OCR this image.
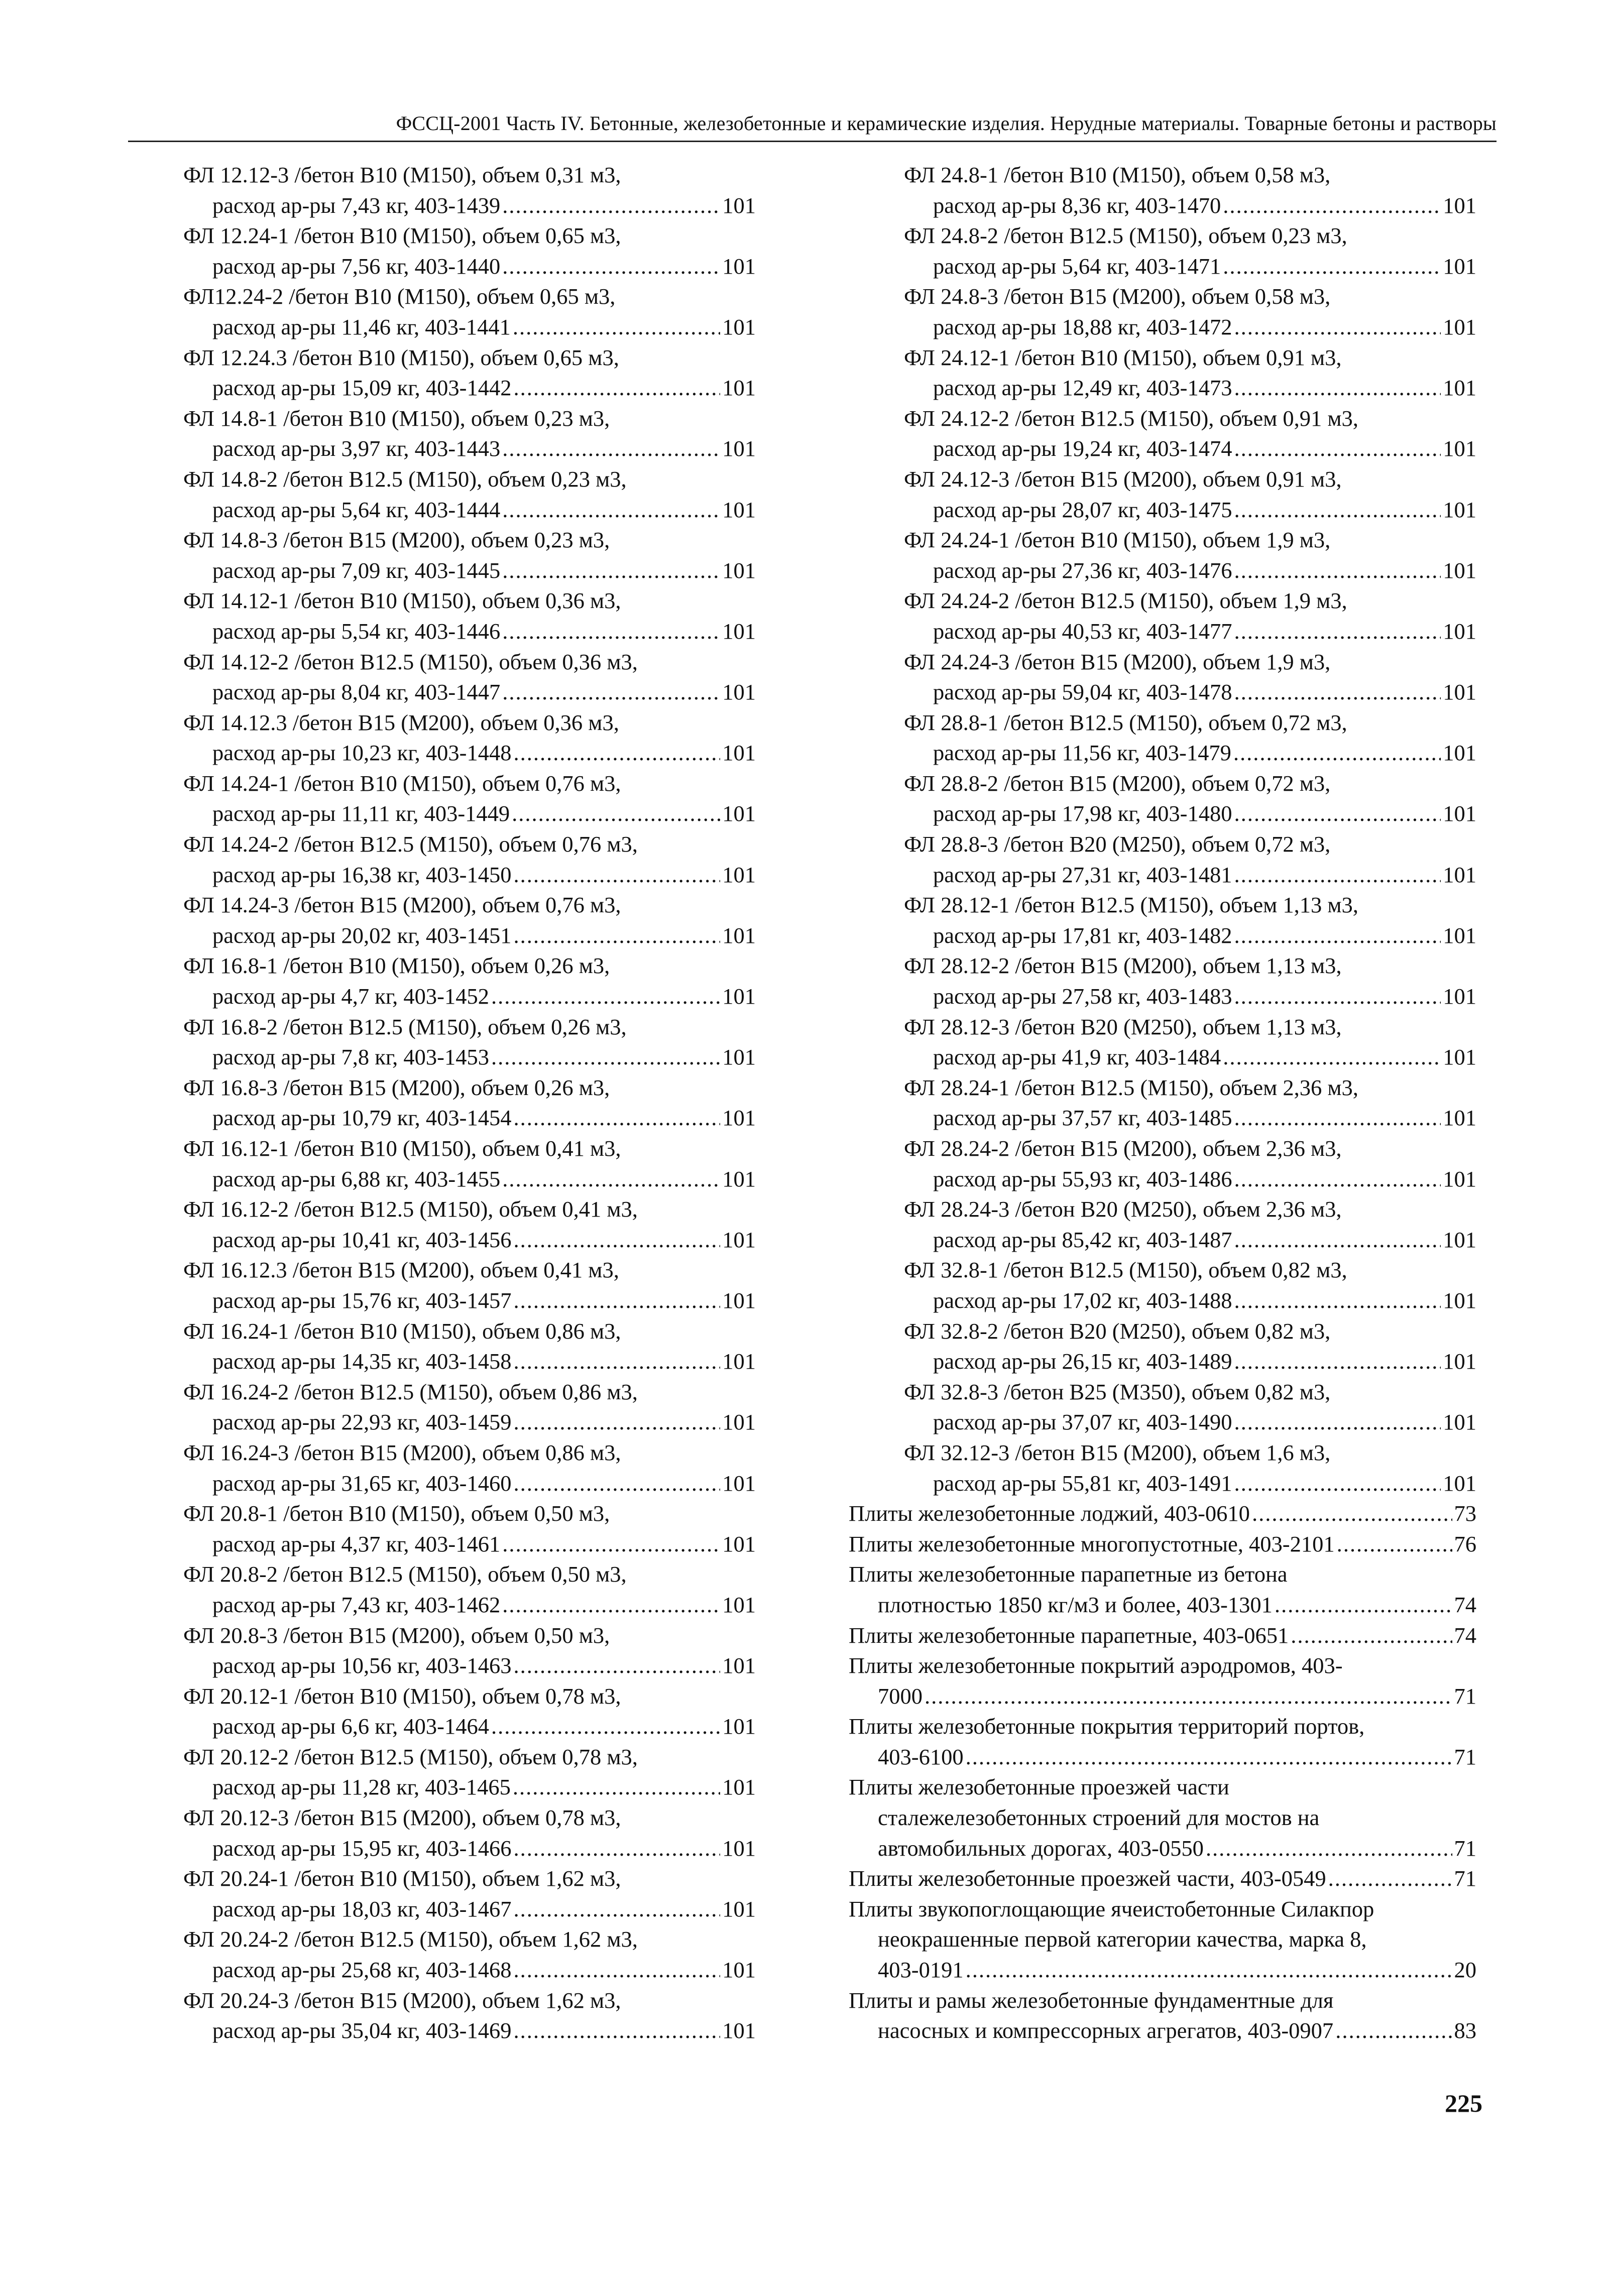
ФССЦ-2001 Часть IV. Бетонные, железобетонные и керамические изделия. Нерудные материалы. Товарные бетоны и растворы
ФЛ 12.12-3 /бетон В10 (М150), объем 0,31 м3,
расход ар-ры 7,43 кг, 403-1439 .....	101
ФЛ 12.24-1 /бетон В10 (М150), объем 0,65 м3,
расход ар-ры 7,56 кг, 403-1440 .....	101
ФЛ12.24-2 /бетон В10 (М150), объем 0,65 м3,
расход ар-ры 11,46 кг, 403-1441 .....	101
ФЛ 12.24.3 /бетон В10 (М150), объем 0,65 м3,
расход ар-ры 15,09 кг, 403-1442 .....	101
ФЛ 14.8-1 /бетон В10 (М150), объем 0,23 м3,
расход ар-ры 3,97 кг, 403-1443 .....	101
ФЛ 14.8-2 /бетон В12.5 (М150), объем 0,23 м3,
расход ар-ры 5,64 кг, 403-1444 .....	101
ФЛ 14.8-3 /бетон В15 (М200), объем 0,23 м3,
расход ар-ры 7,09 кг, 403-1445 .....	101
ФЛ 14.12-1 /бетон В10 (М150), объем 0,36 м3,
расход ар-ры 5,54 кг, 403-1446 .....	101
ФЛ 14.12-2 /бетон В12.5 (М150), объем 0,36 м3,
расход ар-ры 8,04 кг, 403-1447 .....	101
ФЛ 14.12.3 /бетон В15 (М200), объем 0,36 м3,
расход ар-ры 10,23 кг, 403-1448 .....	101
ФЛ 14.24-1 /бетон В10 (М150), объем 0,76 м3,
расход ар-ры 11,11 кг, 403-1449 .....	101
ФЛ 14.24-2 /бетон В12.5 (М150), объем 0,76 м3,
расход ар-ры 16,38 кг, 403-1450 .....	101
ФЛ 14.24-3 /бетон В15 (М200), объем 0,76 м3,
расход ар-ры 20,02 кг, 403-1451 .....	101
ФЛ 16.8-1 /бетон В10 (М150), объем 0,26 м3,
расход ар-ры 4,7 кг, 403-1452 .....	101
ФЛ 16.8-2 /бетон В12.5 (М150), объем 0,26 м3,
расход ар-ры 7,8 кг, 403-1453 .....	101
ФЛ 16.8-3 /бетон В15 (М200), объем 0,26 м3,
расход ар-ры 10,79 кг, 403-1454 .....	101
ФЛ 16.12-1 /бетон В10 (М150), объем 0,41 м3,
расход ар-ры 6,88 кг, 403-1455 .....	101
ФЛ 16.12-2 /бетон В12.5 (М150), объем 0,41 м3,
расход ар-ры 10,41 кг, 403-1456 .....	101
ФЛ 16.12.3 /бетон В15 (М200), объем 0,41 м3,
расход ар-ры 15,76 кг, 403-1457 .....	101
ФЛ 16.24-1 /бетон В10 (М150), объем 0,86 м3,
расход ар-ры 14,35 кг, 403-1458 .....	101
ФЛ 16.24-2 /бетон В12.5 (М150), объем 0,86 м3,
расход ар-ры 22,93 кг, 403-1459 .....	101
ФЛ 16.24-3 /бетон В15 (М200), объем 0,86 м3,
расход ар-ры 31,65 кг, 403-1460 .....	101
ФЛ 20.8-1 /бетон В10 (М150), объем 0,50 м3,
расход ар-ры 4,37 кг, 403-1461 .....	101
ФЛ 20.8-2 /бетон В12.5 (М150), объем 0,50 м3,
расход ар-ры 7,43 кг, 403-1462 .....	101
ФЛ 20.8-3 /бетон В15 (М200), объем 0,50 м3,
расход ар-ры 10,56 кг, 403-1463 .....	101
ФЛ 20.12-1 /бетон В10 (М150), объем 0,78 м3,
расход ар-ры 6,6 кг, 403-1464 .....	101
ФЛ 20.12-2 /бетон В12.5 (М150), объем 0,78 м3,
расход ар-ры 11,28 кг, 403-1465 .....	101
ФЛ 20.12-3 /бетон В15 (М200), объем 0,78 м3,
расход ар-ры 15,95 кг, 403-1466 .....	101
ФЛ 20.24-1 /бетон В10 (М150), объем 1,62 м3,
расход ар-ры 18,03 кг, 403-1467 .....	101
ФЛ 20.24-2 /бетон В12.5 (М150), объем 1,62 м3,
расход ар-ры 25,68 кг, 403-1468 .....	101
ФЛ 20.24-3 /бетон В15 (М200), объем 1,62 м3,
расход ар-ры 35,04 кг, 403-1469 .....	101
ФЛ 24.8-1 /бетон В10 (М150), объем 0,58 м3,
расход ар-ры 8,36 кг, 403-1470 .....	101
ФЛ 24.8-2 /бетон В12.5 (М150), объем 0,23 м3,
расход ар-ры 5,64 кг, 403-1471 .....	101
ФЛ 24.8-3 /бетон В15 (М200), объем 0,58 м3,
расход ар-ры 18,88 кг, 403-1472 .....	101
ФЛ 24.12-1 /бетон В10 (М150), объем 0,91 м3,
расход ар-ры 12,49 кг, 403-1473 .....	101
ФЛ 24.12-2 /бетон В12.5 (М150), объем 0,91 м3,
расход ар-ры 19,24 кг, 403-1474 .....	101
ФЛ 24.12-3 /бетон В15 (М200), объем 0,91 м3,
расход ар-ры 28,07 кг, 403-1475 .....	101
ФЛ 24.24-1 /бетон В10 (М150), объем 1,9 м3,
расход ар-ры 27,36 кг, 403-1476 .....	101
ФЛ 24.24-2 /бетон В12.5 (М150), объем 1,9 м3,
расход ар-ры 40,53 кг, 403-1477 .....	101
ФЛ 24.24-3 /бетон В15 (М200), объем 1,9 м3,
расход ар-ры 59,04 кг, 403-1478 .....	101
ФЛ 28.8-1 /бетон В12.5 (М150), объем 0,72 м3,
расход ар-ры 11,56 кг, 403-1479 .....	101
ФЛ 28.8-2 /бетон В15 (М200), объем 0,72 м3,
расход ар-ры 17,98 кг, 403-1480 .....	101
ФЛ 28.8-3 /бетон В20 (М250), объем 0,72 м3,
расход ар-ры 27,31 кг, 403-1481 .....	101
ФЛ 28.12-1 /бетон В12.5 (М150), объем 1,13 м3,
расход ар-ры 17,81 кг, 403-1482 .....	101
ФЛ 28.12-2 /бетон В15 (М200), объем 1,13 м3,
расход ар-ры 27,58 кг, 403-1483 .....	101
ФЛ 28.12-3 /бетон В20 (М250), объем 1,13 м3,
расход ар-ры 41,9 кг, 403-1484 .....	101
ФЛ 28.24-1 /бетон В12.5 (М150), объем 2,36 м3,
расход ар-ры 37,57 кг, 403-1485 .....	101
ФЛ 28.24-2 /бетон В15 (М200), объем 2,36 м3,
расход ар-ры 55,93 кг, 403-1486 .....	101
ФЛ 28.24-3 /бетон В20 (М250), объем 2,36 м3,
расход ар-ры 85,42 кг, 403-1487 .....	101
ФЛ 32.8-1 /бетон В12.5 (М150), объем 0,82 м3,
расход ар-ры 17,02 кг, 403-1488 .....	101
ФЛ 32.8-2 /бетон В20 (М250), объем 0,82 м3,
расход ар-ры 26,15 кг, 403-1489 .....	101
ФЛ 32.8-3 /бетон В25 (М350), объем 0,82 м3,
расход ар-ры 37,07 кг, 403-1490 .....	101
ФЛ 32.12-3 /бетон В15 (М200), объем 1,6 м3,
расход ар-ры 55,81 кг, 403-1491 .....	101
Плиты железобетонные лоджий, 403-0610 .....	73
Плиты железобетонные многопустотные, 403-2101 .....	76
Плиты железобетонные парапетные из бетона
плотностью 1850 кг/м3 и более, 403-1301 .....	74
Плиты железобетонные парапетные, 403-0651 .....	74
Плиты железобетонные покрытий аэродромов, 403-
7000 .....	71
Плиты железобетонные покрытия территорий портов,
403-6100 .....	71
Плиты железобетонные проезжей части
сталежелезобетонных строений для мостов на
автомобильных дорогах, 403-0550 .....	71
Плиты железобетонные проезжей части, 403-0549 .....	71
Плиты звукопоглощающие ячеистобетонные Силакпор
неокрашенные первой категории качества, марка 8,
403-0191 .....	20
Плиты и рамы железобетонные фундаментные для
насосных и компрессорных агрегатов, 403-0907 .....	83
225
